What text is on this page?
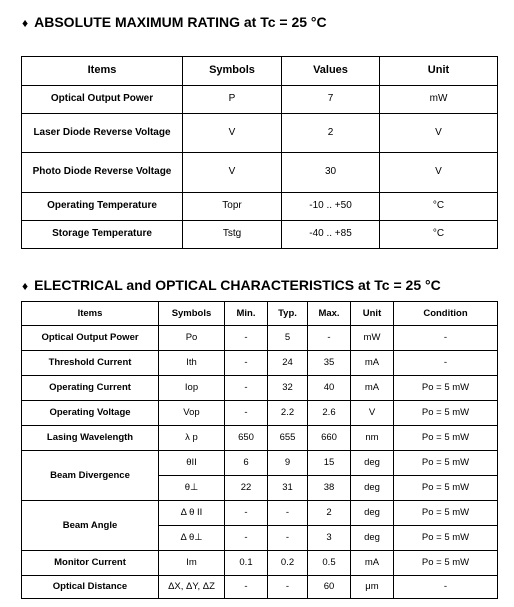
♦ ABSOLUTE MAXIMUM RATING at Tc = 25 °C
Items	Symbols	Values	Unit
Optical Output Power	P	7	mW
Laser Diode Reverse Voltage	V	2	V
Photo Diode Reverse Voltage	V	30	V
Operating Temperature	Topr	-10 .. +50	°C
Storage Temperature	Tstg	-40 .. +85	°C
♦ ELECTRICAL and OPTICAL CHARACTERISTICS at Tc = 25 °C
Items	Symbols	Min.	Typ.	Max.	Unit	Condition
Optical Output Power	Po	-	5	-	mW	-
Threshold Current	Ith	-	24	35	mA	-
Operating Current	Iop	-	32	40	mA	Po = 5 mW
Operating Voltage	Vop	-	2.2	2.6	V	Po = 5 mW
Lasing Wavelength	λ p	650	655	660	nm	Po = 5 mW
Beam Divergence	θII	6	9	15	deg	Po = 5 mW
	θ⊥	22	31	38	deg	Po = 5 mW
Beam Angle	Δ θ II	-	-	2	deg	Po = 5 mW
	Δ θ⊥	-	-	3	deg	Po = 5 mW
Monitor Current	Im	0.1	0.2	0.5	mA	Po = 5 mW
Optical Distance	ΔX, ΔY, ΔZ	-	-	60	μm	-
